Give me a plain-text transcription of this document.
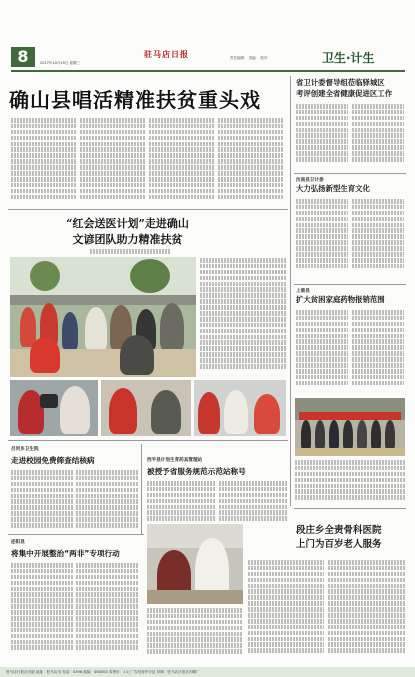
8	驻马店日报
2017年10月25日 星期三
责任编辑： 美编： 校对：	卫生·计生
确山县唱活精准扶贫重头戏
省卫计委督导组莅临驿城区
考评创建全省健康促进区工作
汝南县卫计委
大力弘扬新型生育文化
上蔡县
扩大贫困家庭药物报销范围
段庄乡全责骨科医院
上门为百岁老人服务
“红会送医计划”走进确山
文谚团队助力精准扶贫
吕河乡卫生院
走进校园免费筛查结核病	西平县计划生育药具管理站
被授予省服务规范示范站称号
泌阳县
将集中开展整治“两非”专项行动
驻马店日报社出版 地址：驻马店市 电话：0396 邮编：463000 零售价：1元 广告经营许可证 印刷：驻马店日报社印刷厂
